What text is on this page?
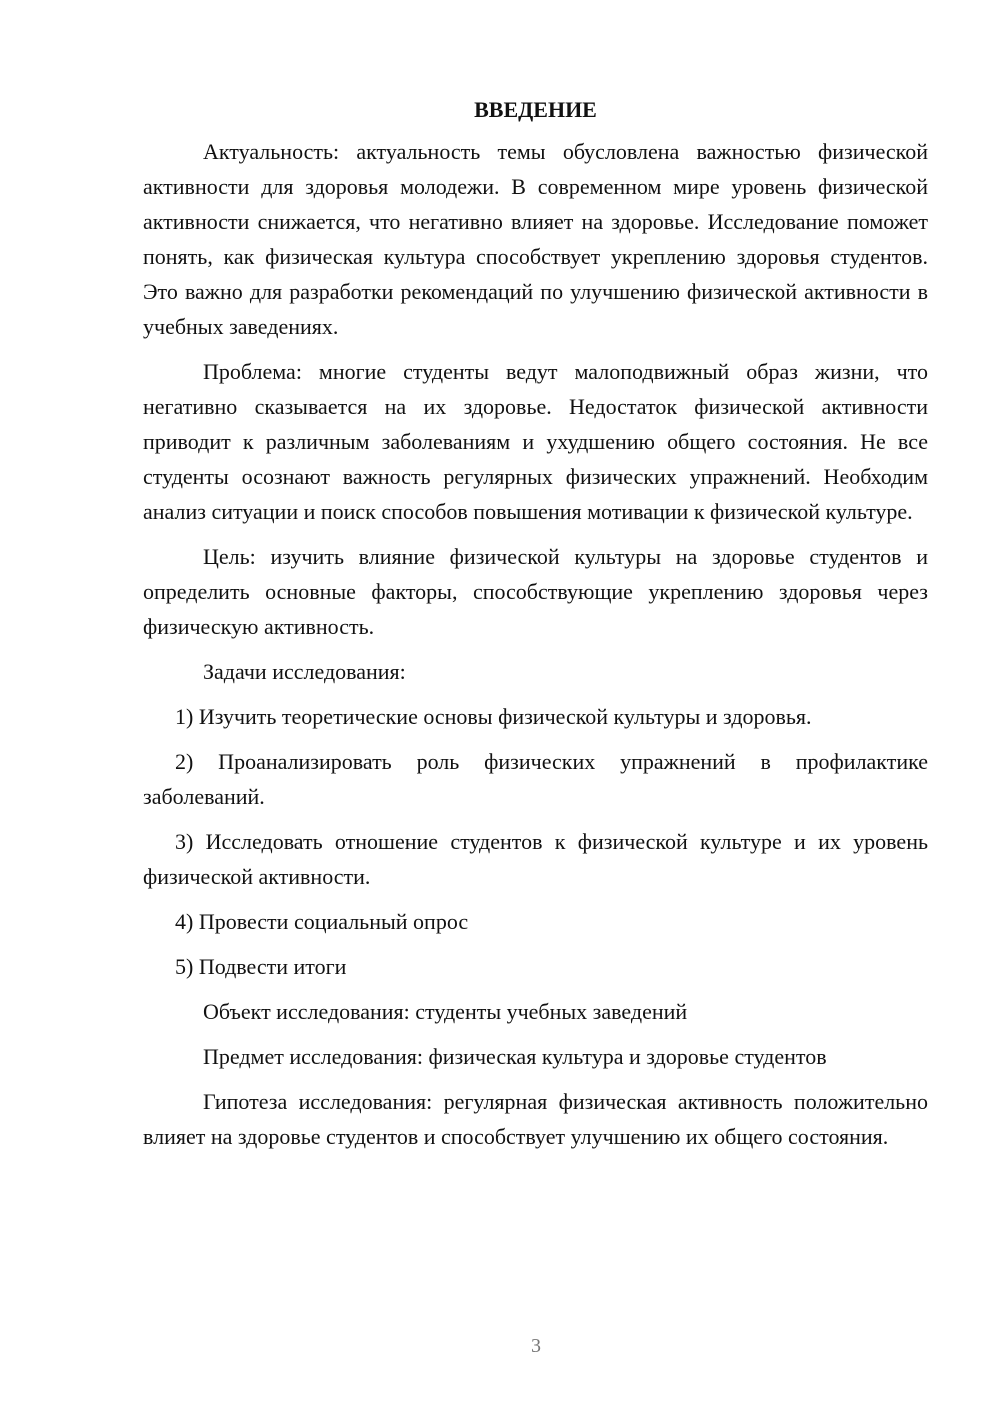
ВВЕДЕНИЕ

Актуальность: актуальность темы обусловлена важностью физической активности для здоровья молодежи. В современном мире уровень физической активности снижается, что негативно влияет на здоровье. Исследование поможет понять, как физическая культура способствует укреплению здоровья студентов. Это важно для разработки рекомендаций по улучшению физической активности в учебных заведениях.

Проблема: многие студенты ведут малоподвижный образ жизни, что негативно сказывается на их здоровье. Недостаток физической активности приводит к различным заболеваниям и ухудшению общего состояния. Не все студенты осознают важность регулярных физических упражнений. Необходим анализ ситуации и поиск способов повышения мотивации к физической культуре.

Цель: изучить влияние физической культуры на здоровье студентов и определить основные факторы, способствующие укреплению здоровья через физическую активность.

Задачи исследования:

1) Изучить теоретические основы физической культуры и здоровья.

2) Проанализировать роль физических упражнений в профилактике заболеваний.

3) Исследовать отношение студентов к физической культуре и их уровень физической активности.

4) Провести социальный опрос

5) Подвести итоги

Объект исследования: студенты учебных заведений

Предмет исследования: физическая культура и здоровье студентов

Гипотеза исследования: регулярная физическая активность положительно влияет на здоровье студентов и способствует улучшению их общего состояния.

3
